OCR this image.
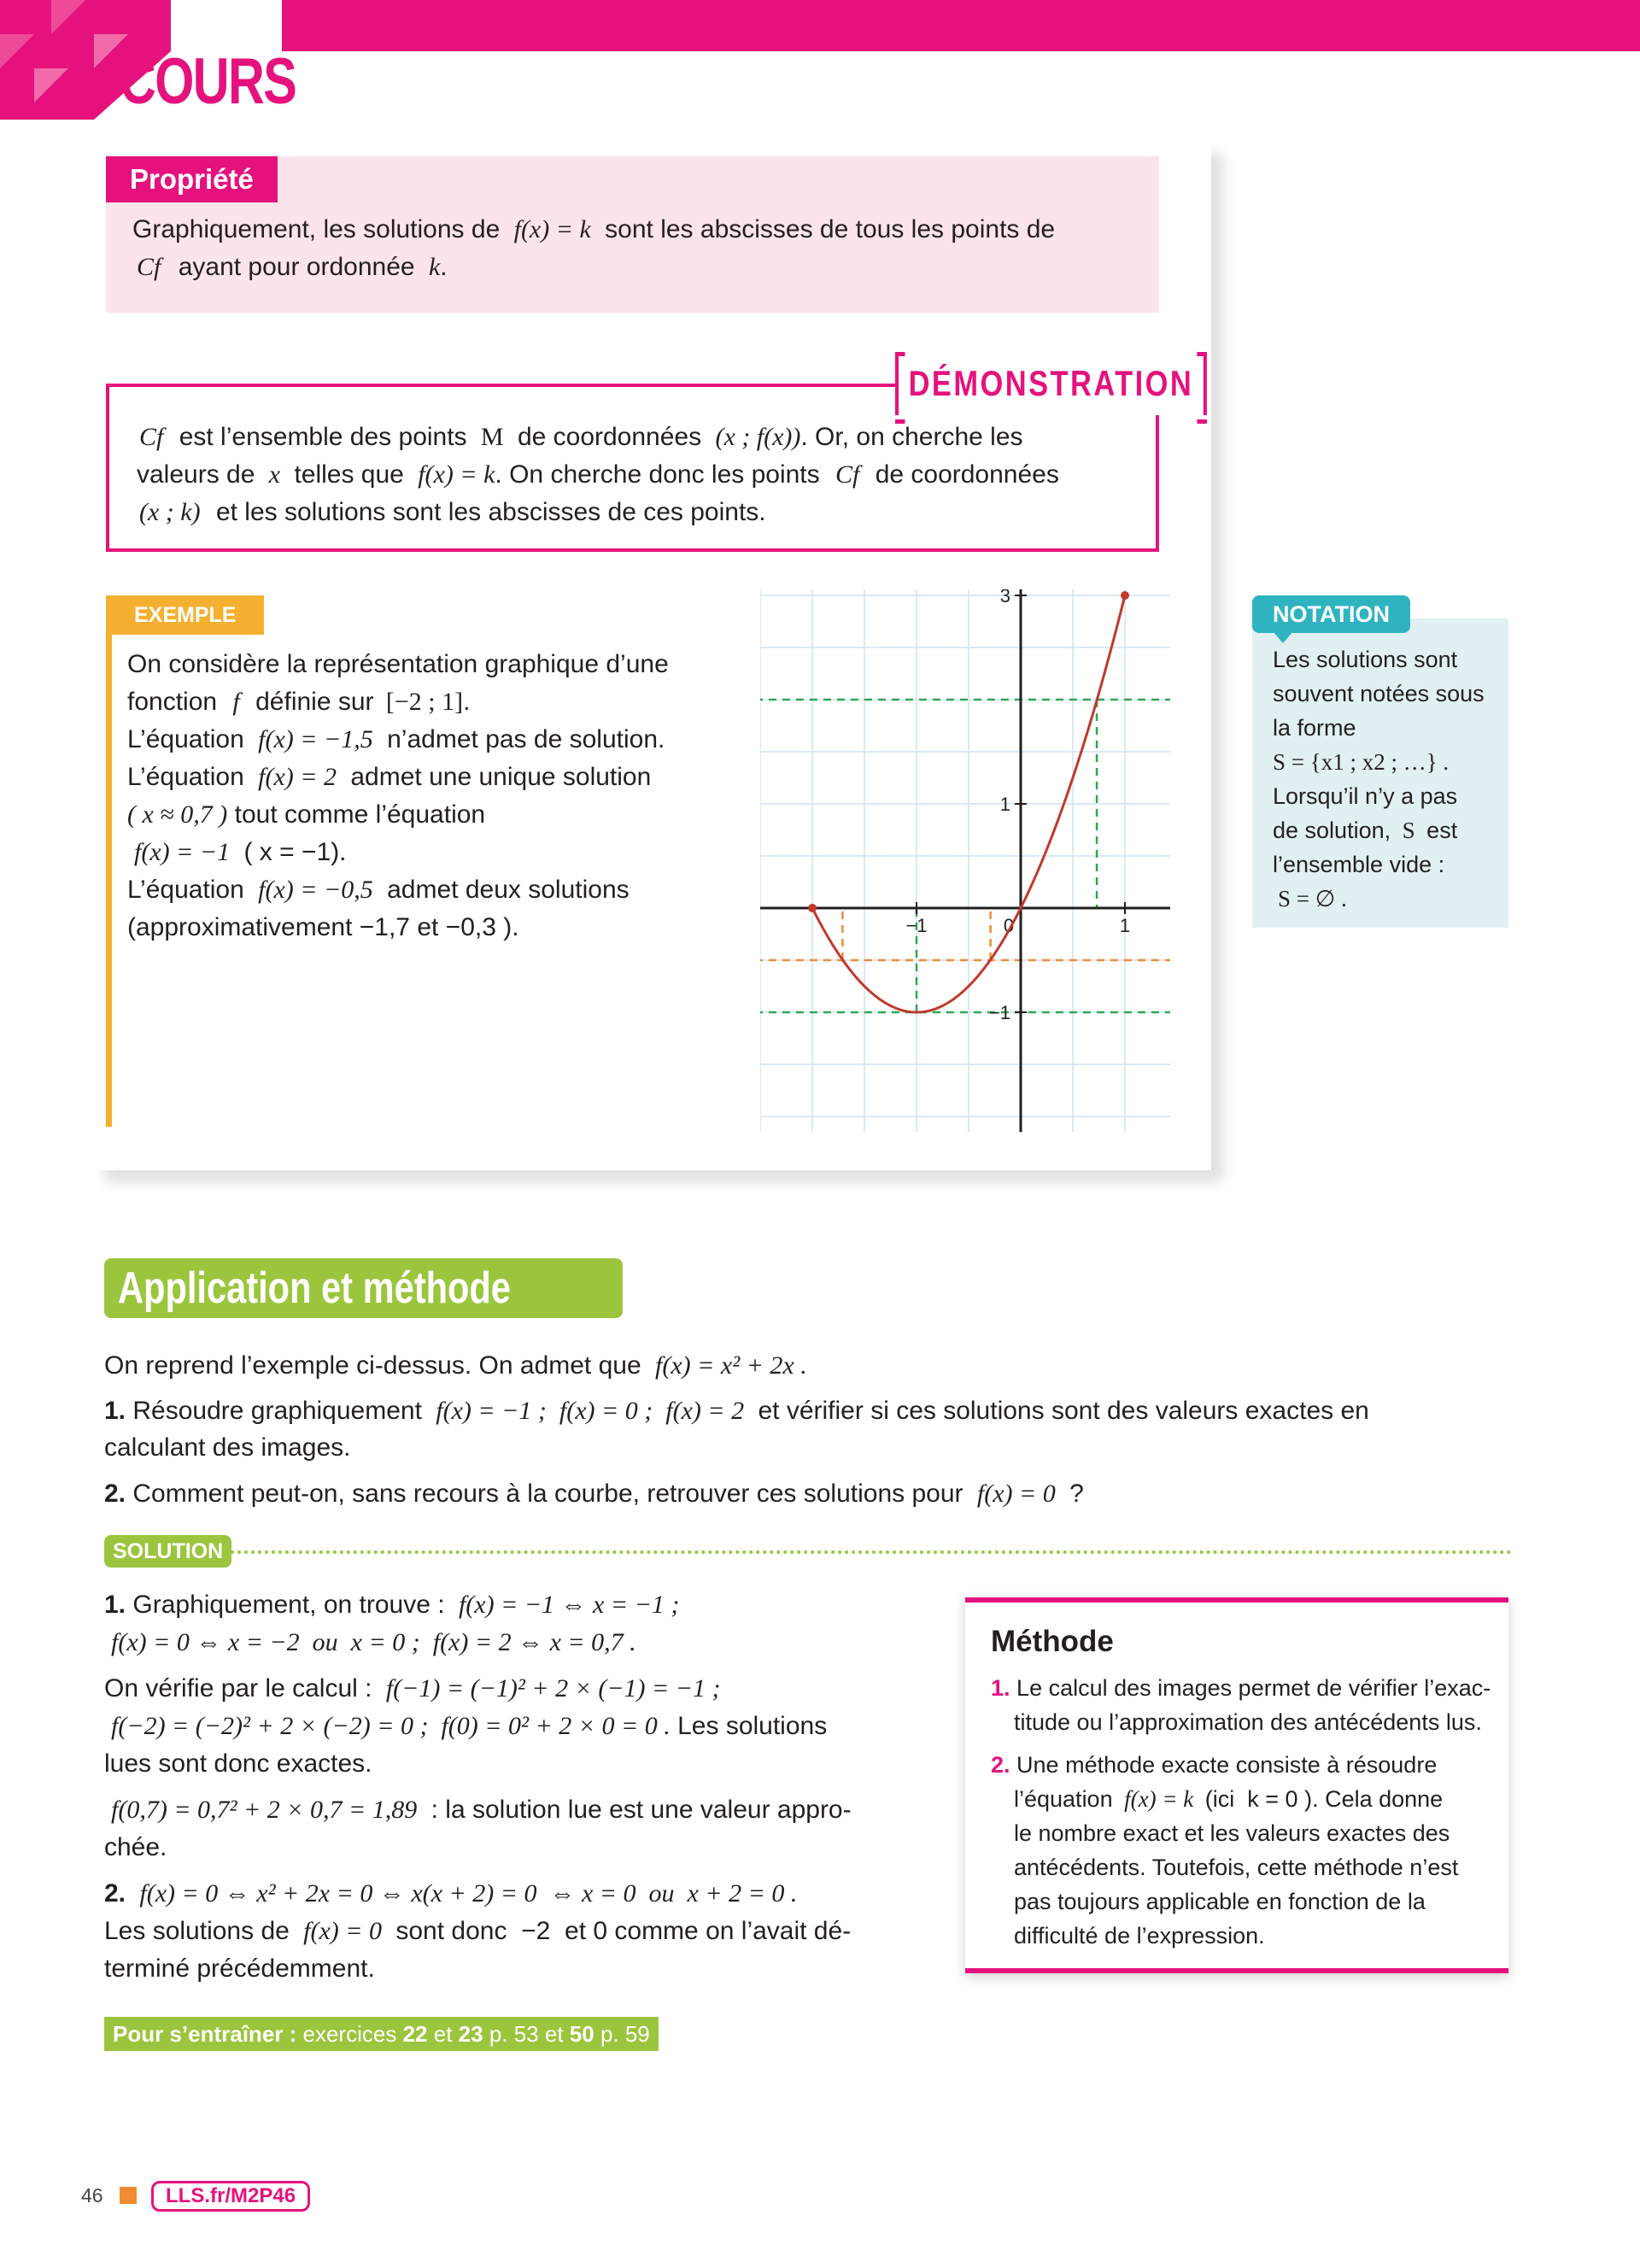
COURS
Propriété
Graphiquement, les solutions de f(x) = k sont les abscisses de tous les points de
Cf ayant pour ordonnée k.
DÉMONSTRATION
Cf est l’ensemble des points M de coordonnées (x ; f(x)). Or, on cherche les
valeurs de x telles que f(x) = k. On cherche donc les points Cf de coordonnées
(x ; k) et les solutions sont les abscisses de ces points.
EXEMPLE
On considère la représentation graphique d’une
fonction f définie sur [−2 ; 1].
L’équation f(x) = −1,5 n’admet pas de solution.
L’équation f(x) = 2 admet une unique solution
( x ≈ 0,7 ) tout comme l’équation
f(x) = −1 ( x = −1).
L’équation f(x) = −0,5 admet deux solutions
(approximativement −1,7 et −0,3 ).	−1	1
3
1
−1
0
NOTATION
Les solutions sont
souvent notées sous
la forme
S = {x1 ; x2 ; …} .
Lorsqu’il n’y a pas
de solution, S est
l’ensemble vide :
S = ∅ .
Application et méthode
On reprend l’exemple ci-dessus. On admet que f(x) = x² + 2x .
1. Résoudre graphiquement f(x) = −1 ;  f(x) = 0 ;  f(x) = 2 et vérifier si ces solutions sont des valeurs exactes en
calculant des images.
2. Comment peut-on, sans recours à la courbe, retrouver ces solutions pour f(x) = 0 ?
SOLUTION
1. Graphiquement, on trouve : f(x) = −1 ⇔ x = −1 ;
f(x) = 0 ⇔ x = −2  ou  x = 0 ;  f(x) = 2 ⇔ x = 0,7 .
On vérifie par le calcul : f(−1) = (−1)² + 2 × (−1) = −1 ;
f(−2) = (−2)² + 2 × (−2) = 0 ;  f(0) = 0² + 2 × 0 = 0 . Les solutions
lues sont donc exactes.
f(0,7) = 0,7² + 2 × 0,7 = 1,89 : la solution lue est une valeur appro-
chée.
2. f(x) = 0 ⇔ x² + 2x = 0 ⇔ x(x + 2) = 0  ⇔ x = 0  ou  x + 2 = 0 .
Les solutions de f(x) = 0 sont donc  −2  et 0 comme on l’avait dé-
terminé précédemment.
Méthode
1. Le calcul des images permet de vérifier l’exac-
titude ou l’approximation des antécédents lus.
2. Une méthode exacte consiste à résoudre
l’équation f(x) = k (ici  k = 0 ). Cela donne
le nombre exact et les valeurs exactes des
antécédents. Toutefois, cette méthode n’est
pas toujours applicable en fonction de la
difficulté de l’expression.
Pour s’entraîner : exercices 22 et 23 p. 53 et 50 p. 59
46	LLS.fr/M2P46
